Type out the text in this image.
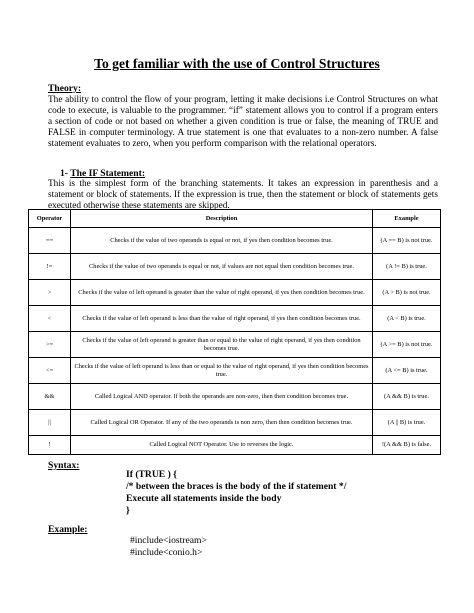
To get familiar with the use of Control Structures
Theory:
The ability to control the flow of your program, letting it make decisions i.e Control Structures on what code to execute, is valuable to the programmer. “if” statement allows you to control if a program enters a section of code or not based on whether a given condition is true or false, the meaning of TRUE and FALSE in computer terminology. A true statement is one that evaluates to a non-zero number. A false statement evaluates to zero, when you perform comparison with the relational operators.
1- The IF Statement:
This is the simplest form of the branching statements. It takes an expression in parenthesis and a statement or block of statements. If the expression is true, then the statement or block of statements gets executed otherwise these statements are skipped.
Operator	Description	Example
==	Checks if the value of two operands is equal or not, if yes then condition becomes true.	(A == B) is not true.
!=	Checks if the value of two operands is equal or not, if values are not equal then condition becomes true.	(A != B) is true.
>	Checks if the value of left operand is greater than the value of right operand, if yes then condition becomes true.	(A > B) is not true.
<	Checks if the value of left operand is less than the value of right operand, if yes then condition becomes true.	(A < B) is true.
>=	Checks if the value of left operand is greater than or equal to the value of right operand, if yes then condition becomes true.	(A >= B) is not true.
<=	Checks if the value of left operand is less than or equal to the value of right operand, if yes then condition becomes true.	(A <= B) is true.
&&	Called Logical AND operator. If both the operands are non-zero, then then condition becomes true.	(A && B) is true.
||	Called Logical OR Operator. If any of the two operands is non zero, then then condition becomes true.	(A || B) is true.
!	Called Logical NOT Operator. Use to reverses the logic.	!(A && B) is false.
Syntax:
If (TRUE ) {
/* between the braces is the body of the if statement */
Execute all statements inside the body
}
Example:
#include<iostream>
#include<conio.h>
